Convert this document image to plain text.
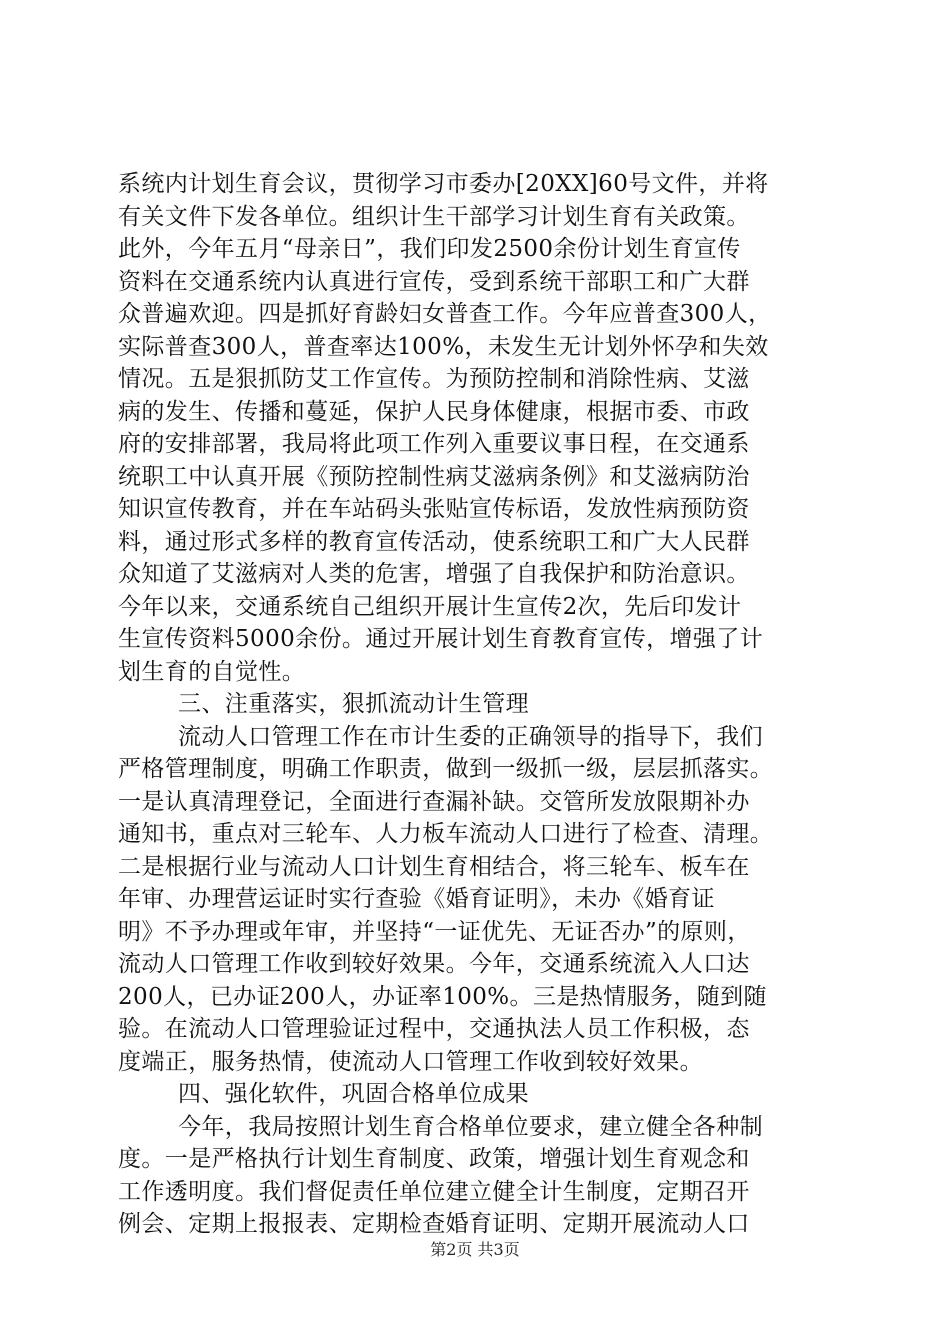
系统内计划生育会议，贯彻学习市委办[20XX]60号文件，并将
有关文件下发各单位。组织计生干部学习计划生育有关政策。
此外，今年五月“母亲日”，我们印发2500余份计划生育宣传
资料在交通系统内认真进行宣传，受到系统干部职工和广大群
众普遍欢迎。四是抓好育龄妇女普查工作。今年应普查300人，
实际普查300人，普查率达100%，未发生无计划外怀孕和失效
情况。五是狠抓防艾工作宣传。为预防控制和消除性病、艾滋
病的发生、传播和蔓延，保护人民身体健康，根据市委、市政
府的安排部署，我局将此项工作列入重要议事日程，在交通系
统职工中认真开展《预防控制性病艾滋病条例》和艾滋病防治
知识宣传教育，并在车站码头张贴宣传标语，发放性病预防资
料，通过形式多样的教育宣传活动，使系统职工和广大人民群
众知道了艾滋病对人类的危害，增强了自我保护和防治意识。
今年以来，交通系统自己组织开展计生宣传2次，先后印发计
生宣传资料5000余份。通过开展计划生育教育宣传，增强了计
划生育的自觉性。
三、注重落实，狠抓流动计生管理
流动人口管理工作在市计生委的正确领导的指导下，我们
严格管理制度，明确工作职责，做到一级抓一级，层层抓落实。
一是认真清理登记，全面进行查漏补缺。交管所发放限期补办
通知书，重点对三轮车、人力板车流动人口进行了检查、清理。
二是根据行业与流动人口计划生育相结合，将三轮车、板车在
年审、办理营运证时实行查验《婚育证明》，未办《婚育证
明》不予办理或年审，并坚持“一证优先、无证否办”的原则，
流动人口管理工作收到较好效果。今年，交通系统流入人口达
200人，已办证200人，办证率100%。三是热情服务，随到随
验。在流动人口管理验证过程中，交通执法人员工作积极，态
度端正，服务热情，使流动人口管理工作收到较好效果。
四、强化软件，巩固合格单位成果
今年，我局按照计划生育合格单位要求，建立健全各种制
度。一是严格执行计划生育制度、政策，增强计划生育观念和
工作透明度。我们督促责任单位建立健全计生制度，定期召开
例会、定期上报报表、定期检查婚育证明、定期开展流动人口
第2页 共3页
